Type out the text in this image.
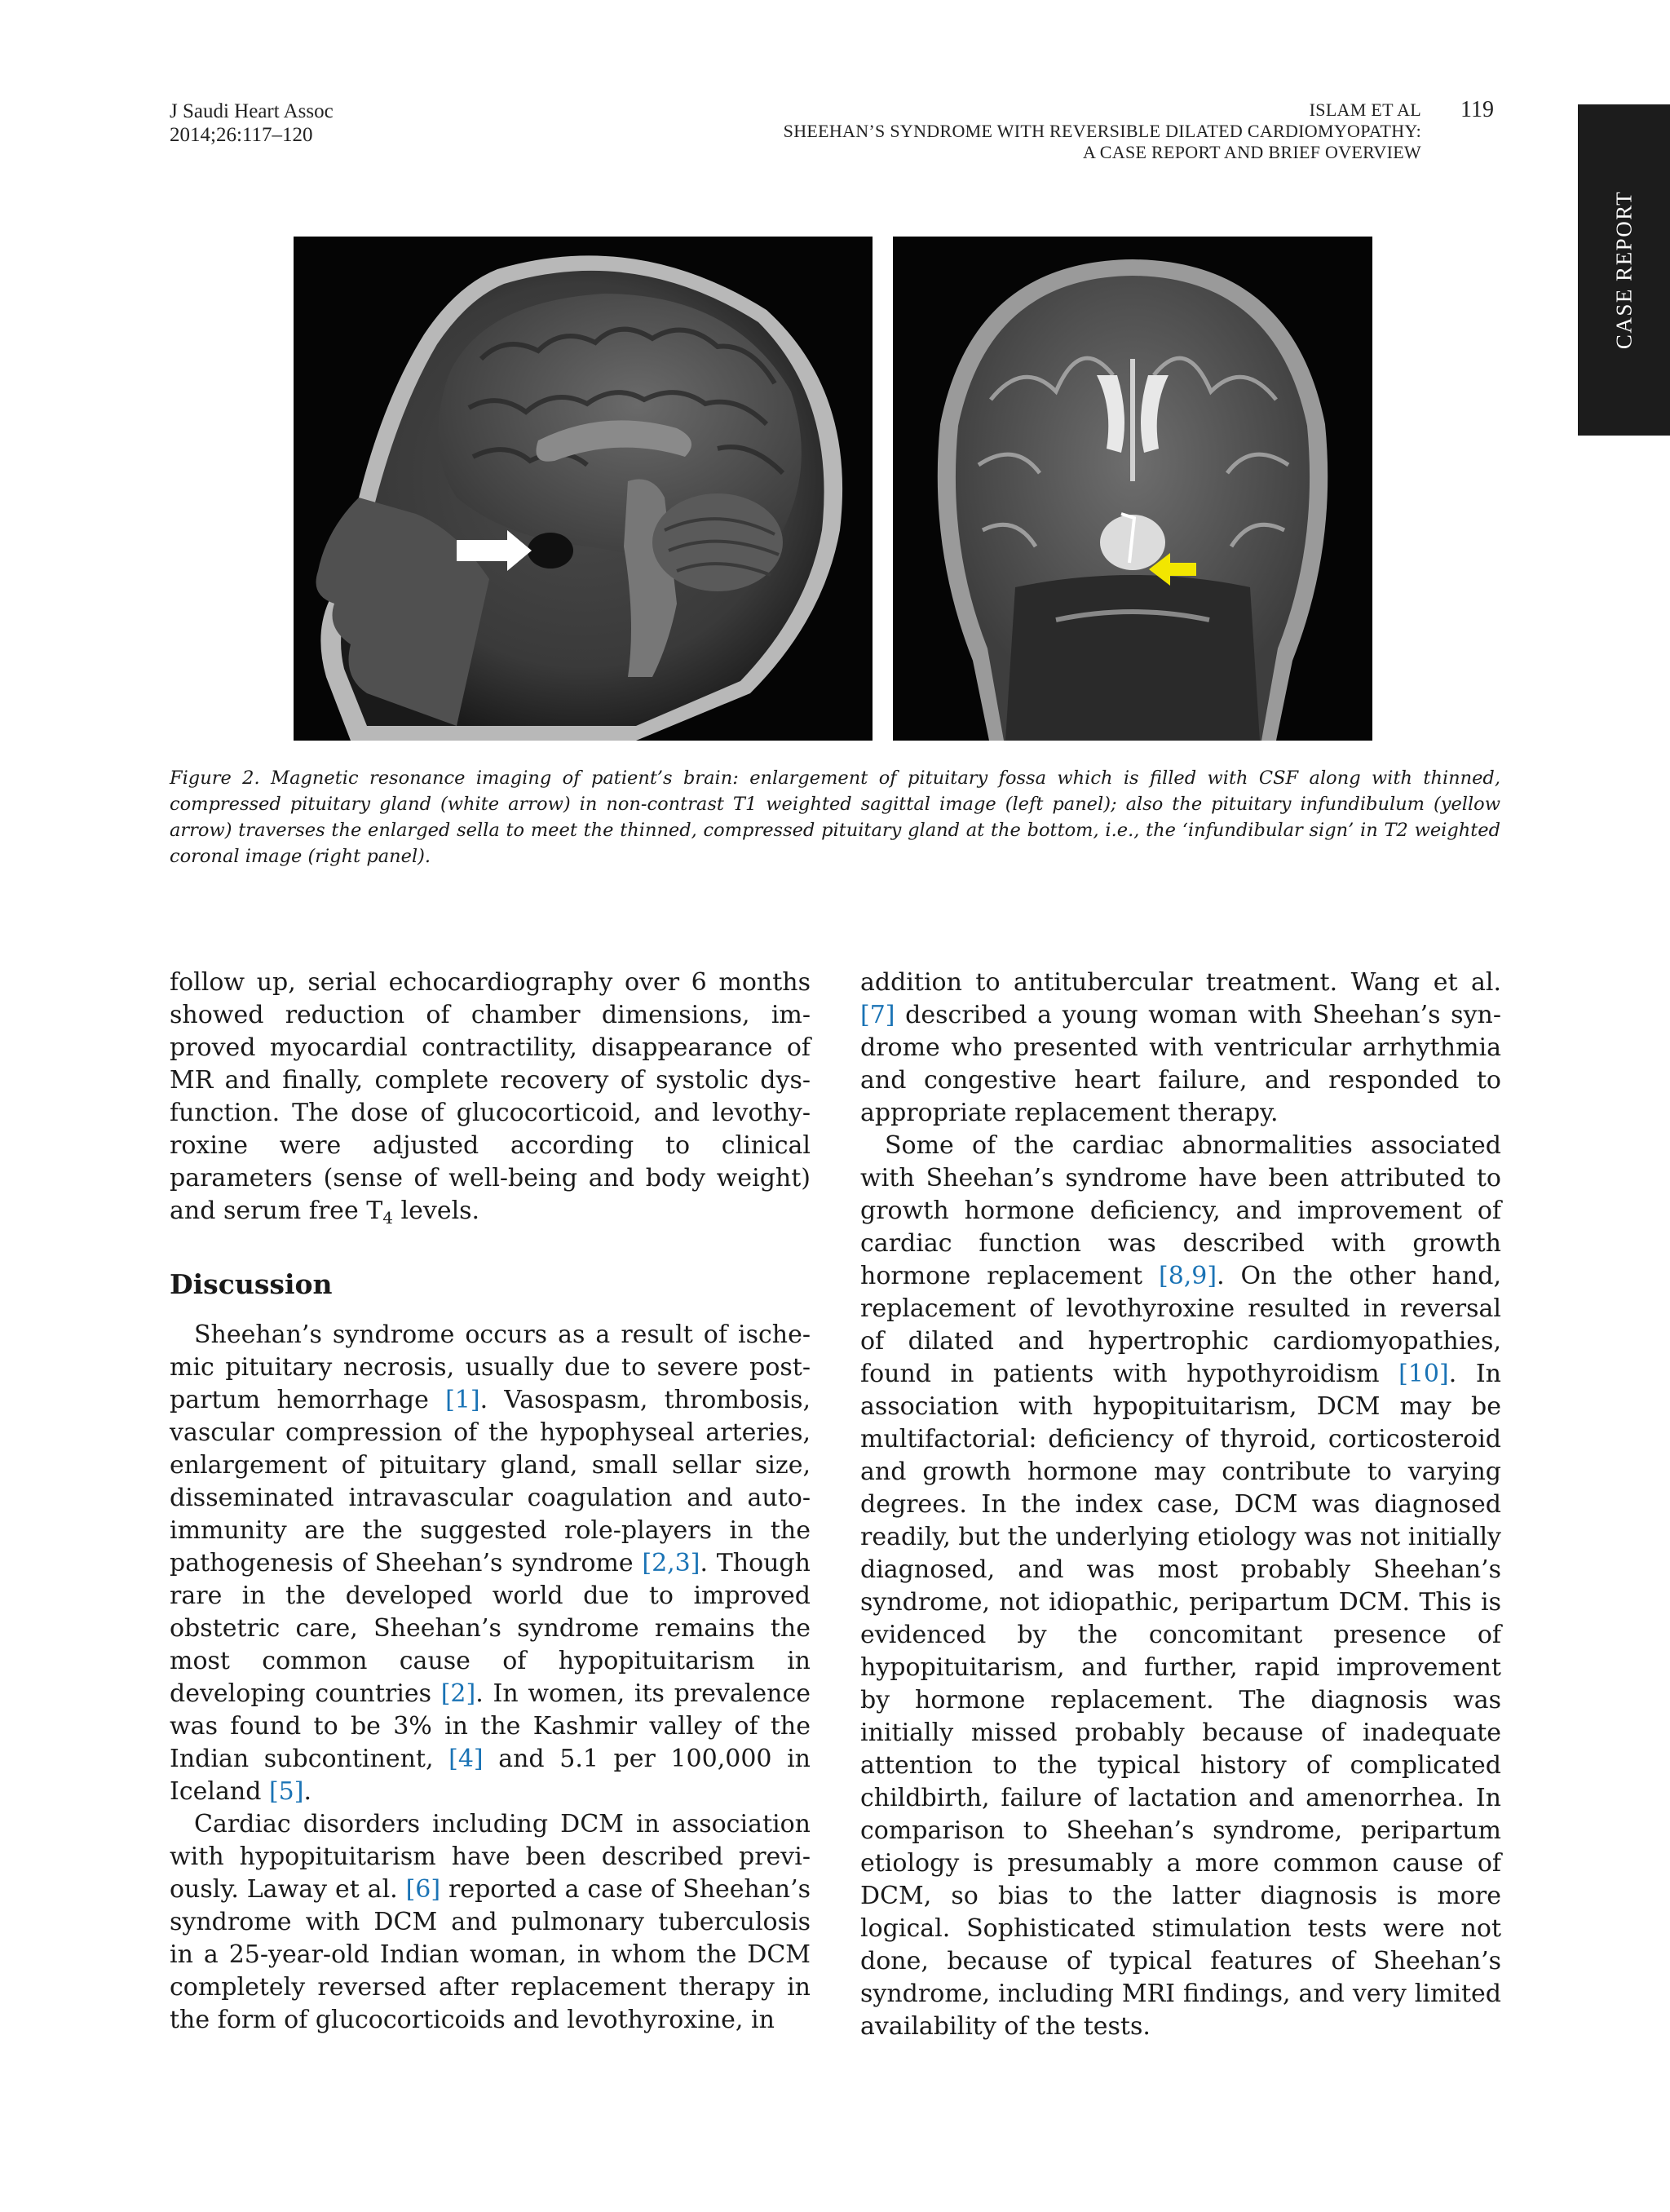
J Saudi Heart Assoc
2014;26:117–120
ISLAM ET AL
SHEEHAN’S SYNDROME WITH REVERSIBLE DILATED CARDIOMYOPATHY:
A CASE REPORT AND BRIEF OVERVIEW
119
CASE REPORT
Figure 2. Magnetic resonance imaging of patient’s brain: enlargement of pituitary fossa which is filled with CSF along with thinned, compressed pituitary gland (white arrow) in non-contrast T1 weighted sagittal image (left panel); also the pituitary infundibulum (yellow arrow) traverses the enlarged sella to meet the thinned, compressed pituitary gland at the bottom, i.e., the ‘infundibular sign’ in T2 weighted coronal image (right panel).

follow up, serial echocardiography over 6 months showed reduction of chamber dimensions, improved myocardial contractility, disappearance of MR and finally, complete recovery of systolic dysfunction. The dose of glucocorticoid, and levothyroxine were adjusted according to clinical parameters (sense of well-being and body weight) and serum free $T_4$ levels.

Discussion

Sheehan’s syndrome occurs as a result of ischemic pituitary necrosis, usually due to severe postpartum hemorrhage [1]. Vasospasm, thrombosis, vascular compression of the hypophyseal arteries, enlargement of pituitary gland, small sellar size, disseminated intravascular coagulation and autoimmunity are the suggested role-players in the pathogenesis of Sheehan’s syndrome [2,3]. Though rare in the developed world due to improved obstetric care, Sheehan’s syndrome remains the most common cause of hypopituitarism in developing countries [2]. In women, its prevalence was found to be 3% in the Kashmir valley of the Indian subcontinent, [4] and 5.1 per 100,000 in Iceland [5].

Cardiac disorders including DCM in association with hypopituitarism have been described previously. Laway et al. [6] reported a case of Sheehan’s syndrome with DCM and pulmonary tuberculosis in a 25-year-old Indian woman, in whom the DCM completely reversed after replacement therapy in the form of glucocorticoids and levothyroxine, in

addition to antitubercular treatment. Wang et al. [7] described a young woman with Sheehan’s syndrome who presented with ventricular arrhythmia and congestive heart failure, and responded to appropriate replacement therapy.

Some of the cardiac abnormalities associated with Sheehan’s syndrome have been attributed to growth hormone deficiency, and improvement of cardiac function was described with growth hormone replacement [8,9]. On the other hand, replacement of levothyroxine resulted in reversal of dilated and hypertrophic cardiomyopathies, found in patients with hypothyroidism [10]. In association with hypopituitarism, DCM may be multifactorial: deficiency of thyroid, corticosteroid and growth hormone may contribute to varying degrees. In the index case, DCM was diagnosed readily, but the underlying etiology was not initially diagnosed, and was most probably Sheehan’s syndrome, not idiopathic, peripartum DCM. This is evidenced by the concomitant presence of hypopituitarism, and further, rapid improvement by hormone replacement. The diagnosis was initially missed probably because of inadequate attention to the typical history of complicated childbirth, failure of lactation and amenorrhea. In comparison to Sheehan’s syndrome, peripartum etiology is presumably a more common cause of DCM, so bias to the latter diagnosis is more logical. Sophisticated stimulation tests were not done, because of typical features of Sheehan’s syndrome, including MRI findings, and very limited availability of the tests.
